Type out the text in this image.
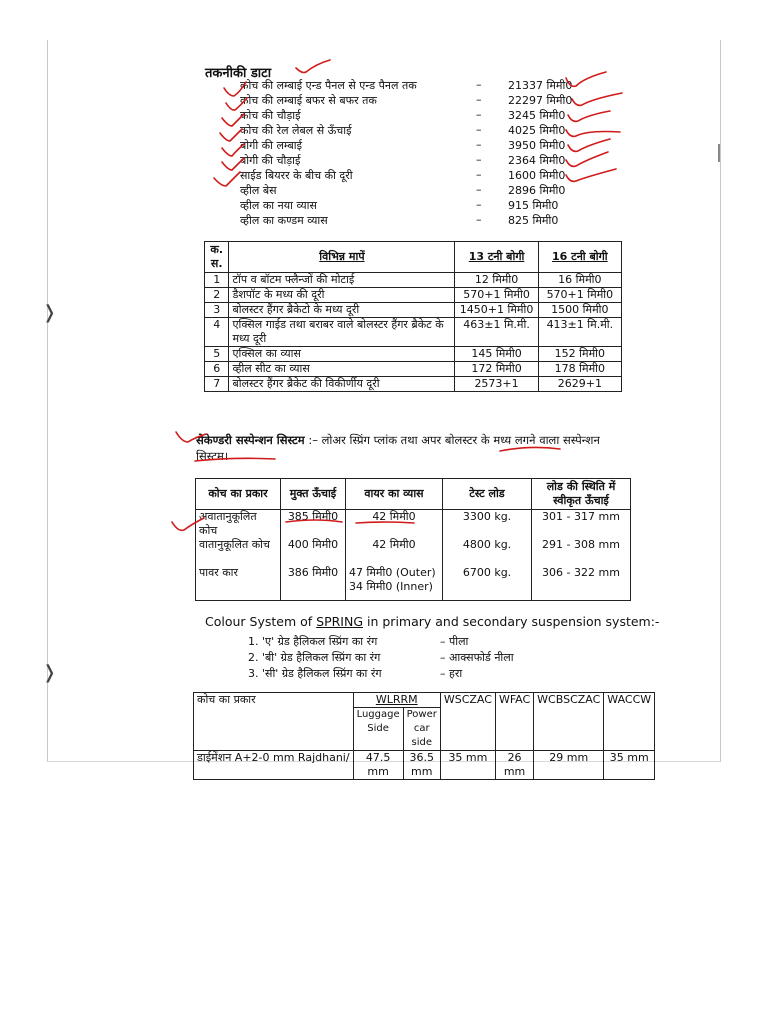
❭
❭
तकनीकी डाटा
कोच की लम्बाई एन्ड पैनल से एन्ड पैनल तक	– 21337 मिमी0
कोच की लम्बाई बफर से बफर तक	– 22297 मिमी0
कोच की चौड़ाई	– 3245 मिमी0
कोच की रेल लेबल से ऊँचाई	– 4025 मिमी0
बोगी की लम्बाई	– 3950 मिमी0
बोगी की चौड़ाई	– 2364 मिमी0
साईड बियरर के बीच की दूरी	– 1600 मिमी0
व्हील बेस	– 2896 मिमी0
व्हील का नया व्यास	– 915 मिमी0
व्हील का कण्डम व्यास	– 825 मिमी0
क. स.	विभिन्न मापें	13 टनी बोगी	16 टनी बोगी
1	टॉप व बॉटम फ्लैन्जों की मोटाई	12 मिमी0	16 मिमी0
2	डैशपॉट के मध्य की दूरी	570+1 मिमी0	570+1 मिमी0
3	बोलस्टर हैंगर ब्रैकेटो के मध्य दूरी	1450+1 मिमी0	1500 मिमी0
4	एक्सिल गाईड तथा बराबर वाले बोलस्टर हैंगर ब्रैकेट के मध्य दूरी	463±1 मि.मी.	413±1 मि.मी.
5	एक्सिल का व्यास	145 मिमी0	152 मिमी0
6	व्हील सीट का व्यास	172 मिमी0	178 मिमी0
7	बोलस्टर हैंगर ब्रैकेट की विकीर्णीय दूरी	2573+1	2629+1
सेकेण्डरी सस्पेन्शन सिस्टम :– लोअर स्प्रिंग प्लांक तथा अपर बोलस्टर के मध्य लगने वाला सस्पेन्शन सिस्टम।
कोच का प्रकार	मुक्त ऊँचाई	वायर का व्यास	टेस्ट लोड	लोड की स्थिति में स्वीकृत ऊँचाई
अवातानुकूलित कोच	385 मिमी0	42 मिमी0	3300 kg.	301 - 317 mm
वातानुकूलित कोच	400 मिमी0	42 मिमी0	4800 kg.	291 - 308 mm
पावर कार	386 मिमी0	47 मिमी0 (Outer) 34 मिमी0 (Inner)	6700 kg.	306 - 322 mm
Colour System of SPRING in primary and secondary suspension system:-
1. 'ए' ग्रेड हैलिकल स्प्रिंग का रंग	– पीला
2. 'बी' ग्रेड हैलिकल स्प्रिंग का रंग	– आक्सफोर्ड नीला
3. 'सी' ग्रेड हैलिकल स्प्रिंग का रंग	– हरा
कोच का प्रकार	WLRRM		WSCZAC	WFAC	WCBSCZAC	WACCW
	Luggage Side	Power car side				
डाईमेंशन A+2-0 mm Rajdhani/	47.5 mm	36.5 mm	35 mm	26 mm	29 mm	35 mm
